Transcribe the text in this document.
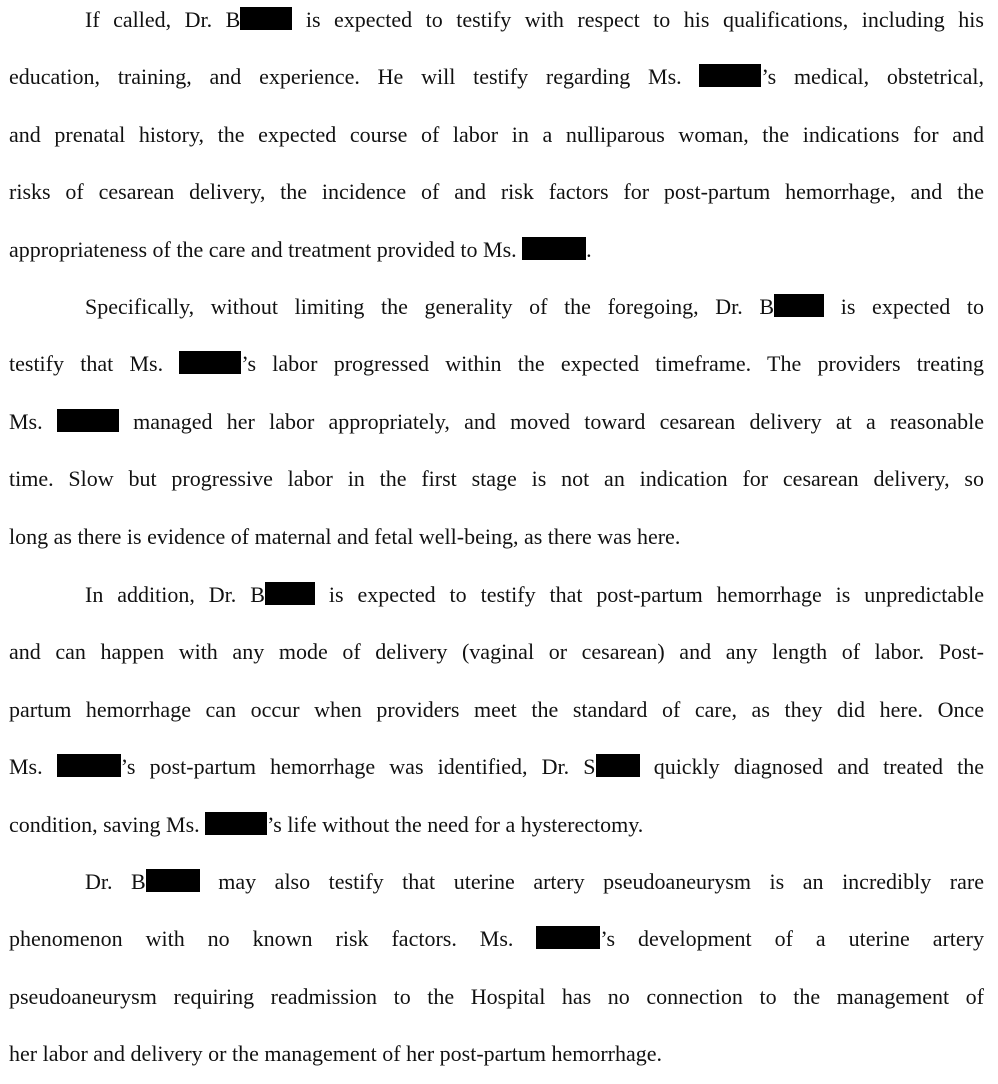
If called, Dr. B is expected to testify with respect to his qualifications, including his
education, training, and experience. He will testify regarding Ms.	’s medical, obstetrical,
and prenatal history, the expected course of labor in a nulliparous woman, the indications for and
risks of cesarean delivery, the incidence of and risk factors for post-partum hemorrhage, and the
appropriateness of the care and treatment provided to Ms.	.
Specifically, without limiting the generality of the foregoing, Dr. B is expected to
testify that Ms.	’s labor progressed within the expected timeframe. The providers treating
Ms.	managed her labor appropriately, and moved toward cesarean delivery at a reasonable
time. Slow but progressive labor in the first stage is not an indication for cesarean delivery, so
long as there is evidence of maternal and fetal well-being, as there was here.
In addition, Dr. B is expected to testify that post-partum hemorrhage is unpredictable
and can happen with any mode of delivery (vaginal or cesarean) and any length of labor. Post-
partum hemorrhage can occur when providers meet the standard of care, as they did here. Once
Ms.	’s post-partum hemorrhage was identified, Dr. S quickly diagnosed and treated the
condition, saving Ms.	’s life without the need for a hysterectomy.
Dr. B may also testify that uterine artery pseudoaneurysm is an incredibly rare
phenomenon with no known risk factors. Ms.	’s development of a uterine artery
pseudoaneurysm requiring readmission to the Hospital has no connection to the management of
her labor and delivery or the management of her post-partum hemorrhage.
